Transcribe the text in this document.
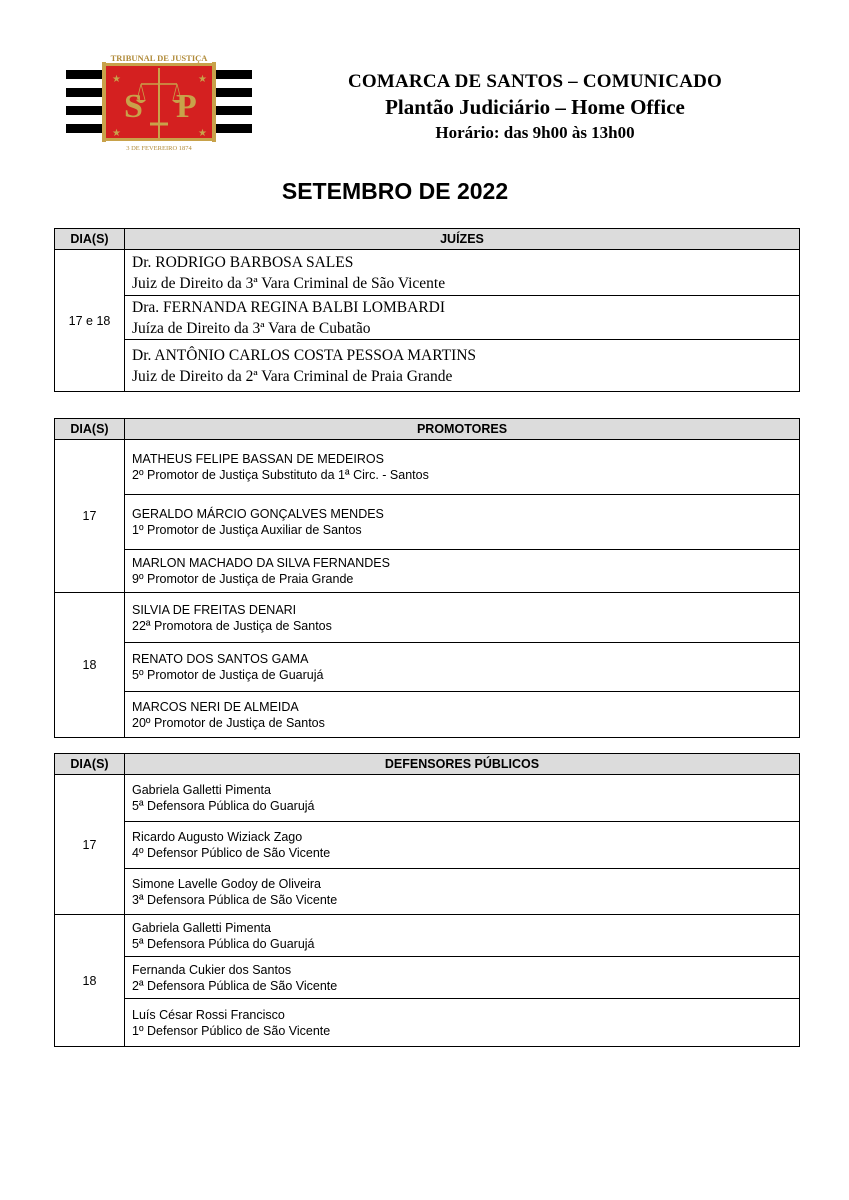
S P
★	★
★	★
TRIBUNAL DE JUSTIÇA
3 DE FEVEREIRO 1874
COMARCA DE SANTOS – COMUNICADO
Plantão Judiciário – Home Office
Horário: das 9h00 às 13h00
SETEMBRO DE 2022
DIA(S)	JUÍZES
17 e 18	Dr. RODRIGO BARBOSA SALES
Juiz de Direito da 3ª Vara Criminal de São Vicente

	Dra. FERNANDA REGINA BALBI LOMBARDI
Juíza de Direito da 3ª Vara de Cubatão

	Dr. ANTÔNIO CARLOS COSTA PESSOA MARTINS
Juiz de Direito da 2ª Vara Criminal de Praia Grande
DIA(S)	PROMOTORES
17	MATHEUS FELIPE BASSAN DE MEDEIROS
2º Promotor de Justiça Substituto da 1ª Circ. - Santos

	GERALDO MÁRCIO GONÇALVES MENDES
1º Promotor de Justiça Auxiliar de Santos

	MARLON MACHADO DA SILVA FERNANDES
9º Promotor de Justiça de Praia Grande

18	SILVIA DE FREITAS DENARI
22ª Promotora de Justiça de Santos

	RENATO DOS SANTOS GAMA
5º Promotor de Justiça de Guarujá

	MARCOS NERI DE ALMEIDA
20º Promotor de Justiça de Santos
DIA(S)	DEFENSORES PÚBLICOS
17	Gabriela Galletti Pimenta
5ª Defensora Pública do Guarujá

	Ricardo Augusto Wiziack Zago
4º Defensor Público de São Vicente

	Simone Lavelle Godoy de Oliveira
3ª Defensora Pública de São Vicente

18	Gabriela Galletti Pimenta
5ª Defensora Pública do Guarujá

	Fernanda Cukier dos Santos
2ª Defensora Pública de São Vicente

	Luís César Rossi Francisco
1º Defensor Público de São Vicente
